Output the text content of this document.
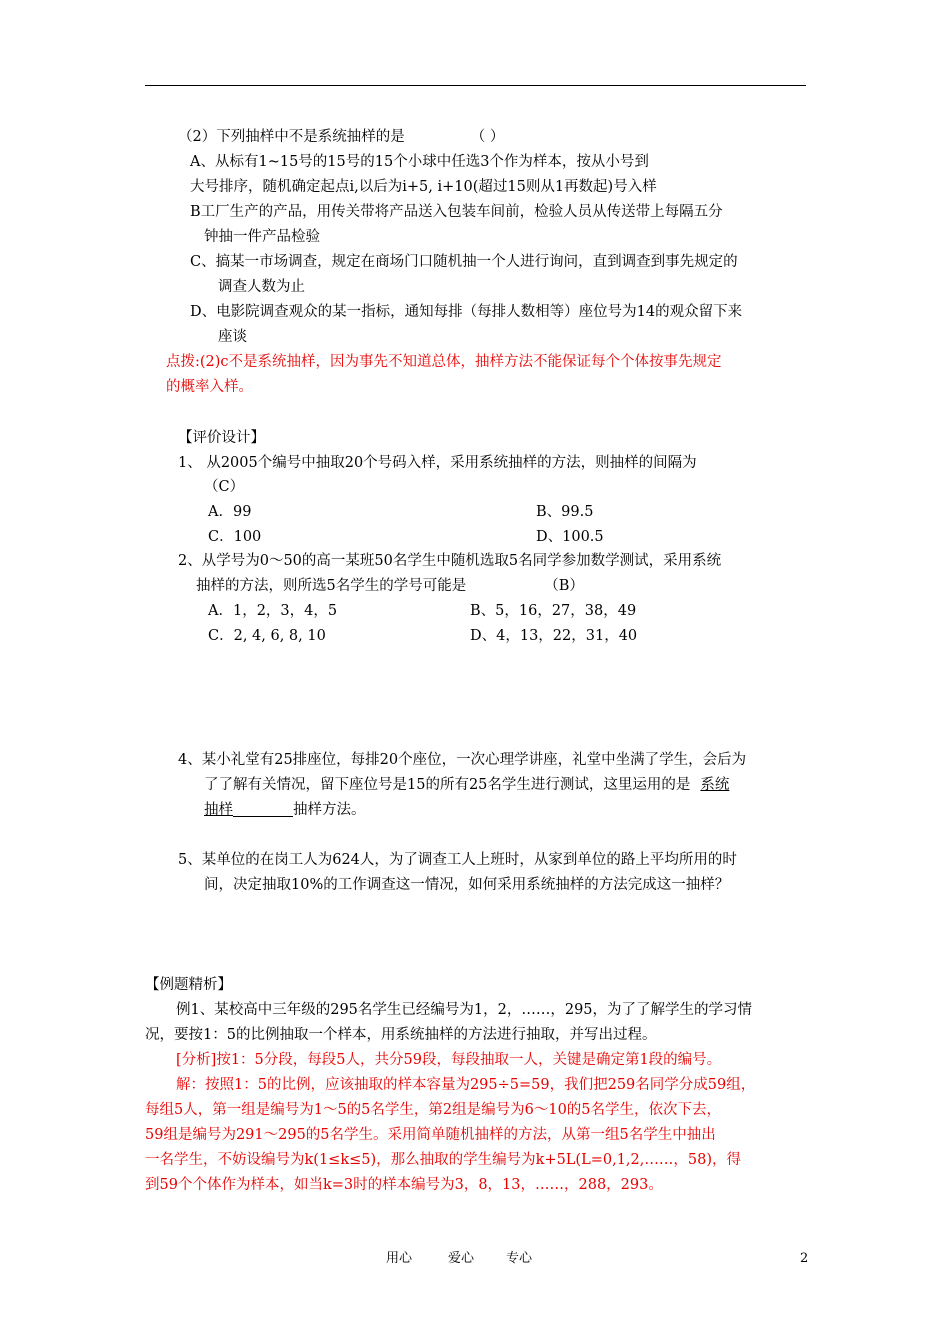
（2）下列抽样中不是系统抽样的是	（ ）
A、从标有1~15号的15号的15个小球中任选3个作为样本，按从小号到
大号排序，随机确定起点i,以后为i+5, i+10(超过15则从1再数起)号入样
B工厂生产的产品，用传关带将产品送入包装车间前，检验人员从传送带上每隔五分
钟抽一件产品检验
C、搞某一市场调查，规定在商场门口随机抽一个人进行询问，直到调查到事先规定的
调查人数为止
D、电影院调查观众的某一指标，通知每排（每排人数相等）座位号为14的观众留下来
座谈
点拨:(2)c不是系统抽样，因为事先不知道总体，抽样方法不能保证每个个体按事先规定
的概率入样。
【评价设计】
1、 从2005个编号中抽取20个号码入样，采用系统抽样的方法，则抽样的间隔为
（C）
A．99	B、99.5
C．100	D、100.5
2、从学号为0～50的高一某班50名学生中随机选取5名同学参加数学测试，采用系统
抽样的方法，则所选5名学生的学号可能是	（B）
A．1，2，3，4，5	B、5，16，27，38，49
C．2, 4, 6, 8, 10	D、4，13，22，31，40
4、某小礼堂有25排座位，每排20个座位，一次心理学讲座，礼堂中坐满了学生，会后为
了了解有关情况，留下座位号是15的所有25名学生进行测试，这里运用的是 系统
抽样	抽样方法。
5、某单位的在岗工人为624人，为了调查工人上班时，从家到单位的路上平均所用的时
间，决定抽取10%的工作调查这一情况，如何采用系统抽样的方法完成这一抽样？
【例题精析】
例1、某校高中三年级的295名学生已经编号为1，2，……，295，为了了解学生的学习情
况，要按1：5的比例抽取一个样本，用系统抽样的方法进行抽取，并写出过程。
[分析]按1：5分段，每段5人，共分59段，每段抽取一人，关键是确定第1段的编号。
解：按照1：5的比例，应该抽取的样本容量为295÷5=59，我们把259名同学分成59组，
每组5人，第一组是编号为1～5的5名学生，第2组是编号为6～10的5名学生，依次下去，
59组是编号为291～295的5名学生。采用简单随机抽样的方法，从第一组5名学生中抽出
一名学生，不妨设编号为k(1≤k≤5)，那么抽取的学生编号为k+5L(L=0,1,2,……，58)，得
到59个个体作为样本，如当k=3时的样本编号为3，8，13，……，288，293。
用心	爱心 专心	2
